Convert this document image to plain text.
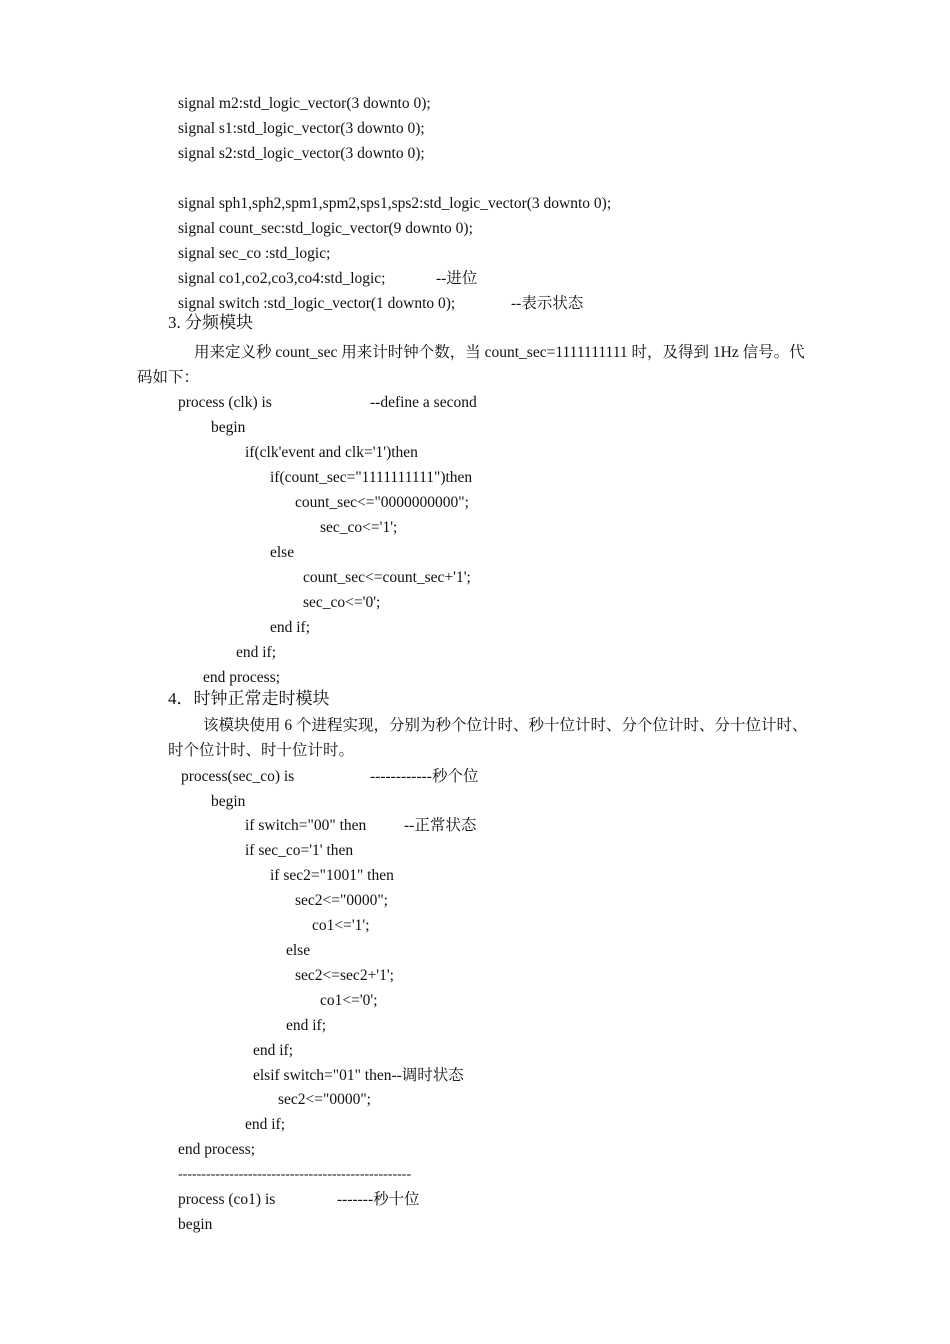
signal m2:std_logic_vector(3 downto 0);
signal s1:std_logic_vector(3 downto 0);
signal s2:std_logic_vector(3 downto 0);
signal sph1,sph2,spm1,spm2,sps1,sps2:std_logic_vector(3 downto 0);
signal count_sec:std_logic_vector(9 downto 0);
signal sec_co :std_logic;
signal co1,co2,co3,co4:std_logic;	--进位
signal switch :std_logic_vector(1 downto 0);	--表示状态
3. 分频模块
用来定义秒 count_sec 用来计时钟个数，当 count_sec=1111111111 时，及得到 1Hz 信号。代
码如下：
process (clk) is	--define a second
begin
if(clk'event and clk='1')then
if(count_sec="1111111111")then
count_sec<="0000000000";
sec_co<='1';
else
count_sec<=count_sec+'1';
sec_co<='0';
end if;
end if;
end process;
4．时钟正常走时模块
该模块使用 6 个进程实现，分别为秒个位计时、秒十位计时、分个位计时、分十位计时、
时个位计时、时十位计时。
process(sec_co) is	------------秒个位
begin
if switch="00" then --正常状态
if sec_co='1' then
if sec2="1001" then
sec2<="0000";
co1<='1';
else
sec2<=sec2+'1';
co1<='0';
end if;
end if;
elsif switch="01" then--调时状态
sec2<="0000";
end if;
end process;
--------------------------------------------------
process (co1) is	-------秒十位
begin
